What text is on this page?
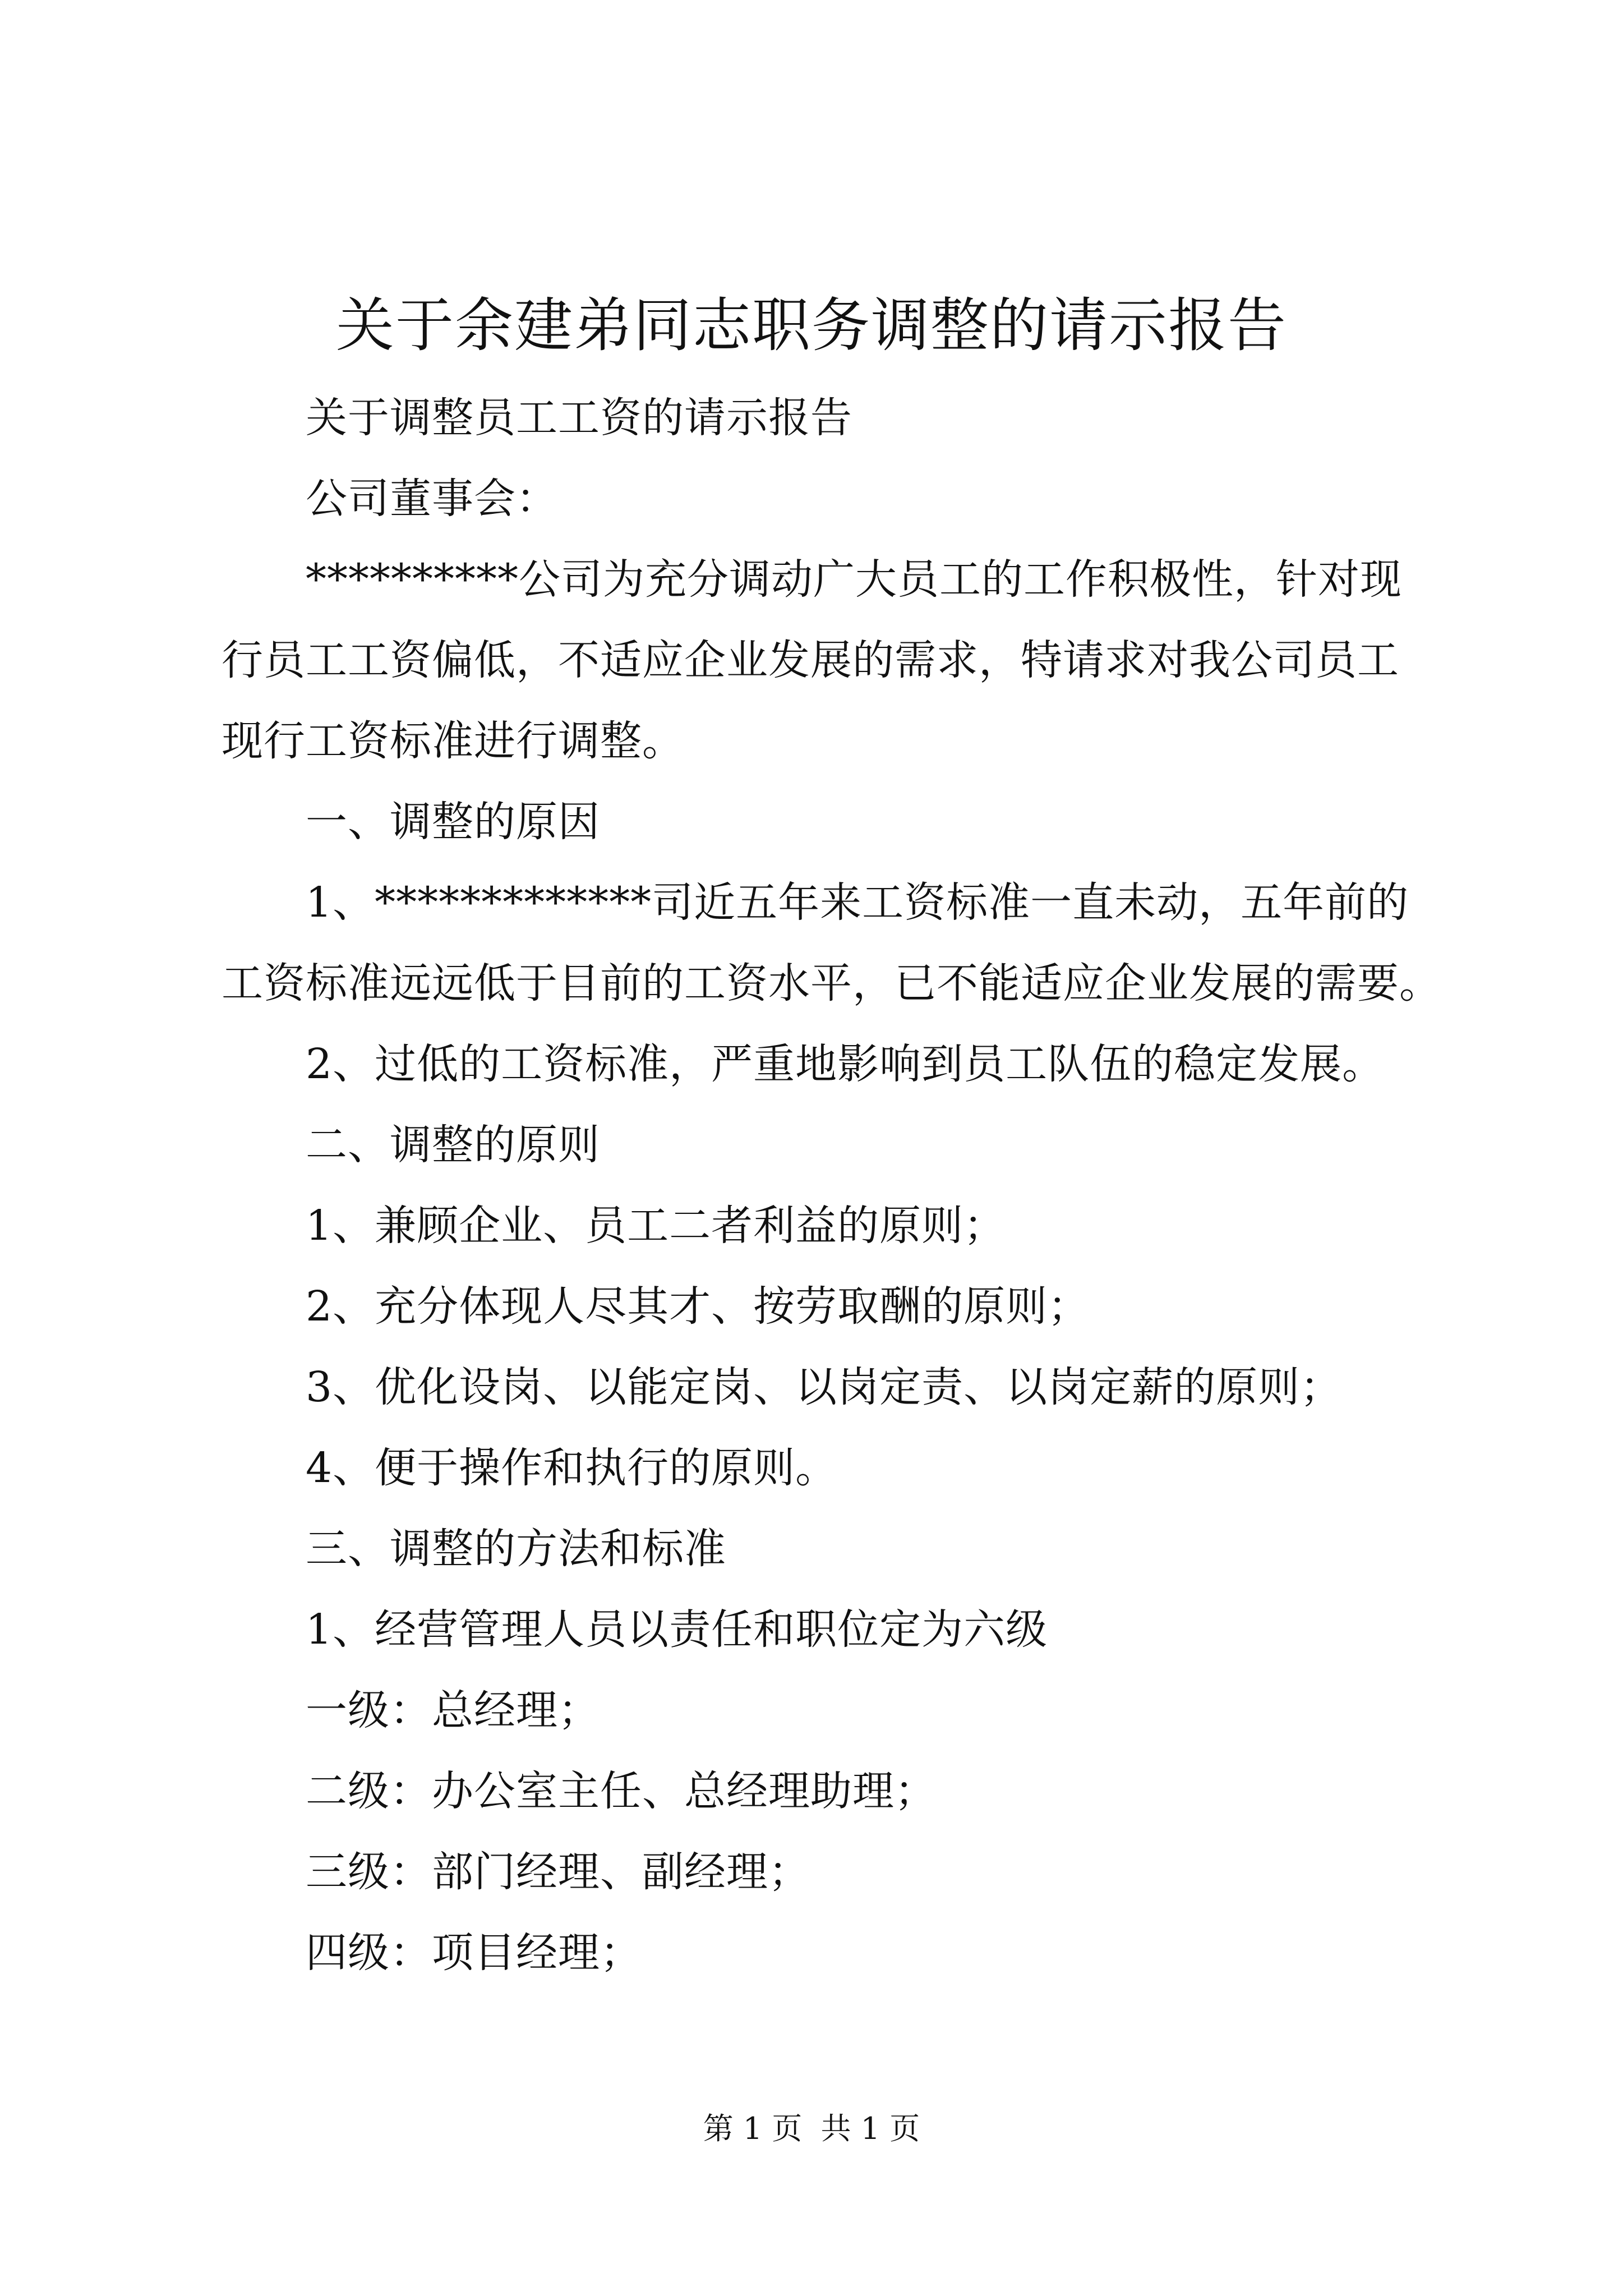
关于余建弟同志职务调整的请示报告
关于调整员工工资的请示报告
公司董事会：
**********公司为充分调动广大员工的工作积极性，针对现
行员工工资偏低，不适应企业发展的需求，特请求对我公司员工
现行工资标准进行调整。
一、调整的原因
1、*************司近五年来工资标准一直未动，五年前的
工资标准远远低于目前的工资水平，已不能适应企业发展的需要。
2、过低的工资标准，严重地影响到员工队伍的稳定发展。
二、调整的原则
1、兼顾企业、员工二者利益的原则；
2、充分体现人尽其才、按劳取酬的原则；
3、优化设岗、以能定岗、以岗定责、以岗定薪的原则；
4、便于操作和执行的原则。
三、调整的方法和标准
1、经营管理人员以责任和职位定为六级
一级：总经理；
二级：办公室主任、总经理助理；
三级：部门经理、副经理；
四级：项目经理；
第 1 页 共 1 页
